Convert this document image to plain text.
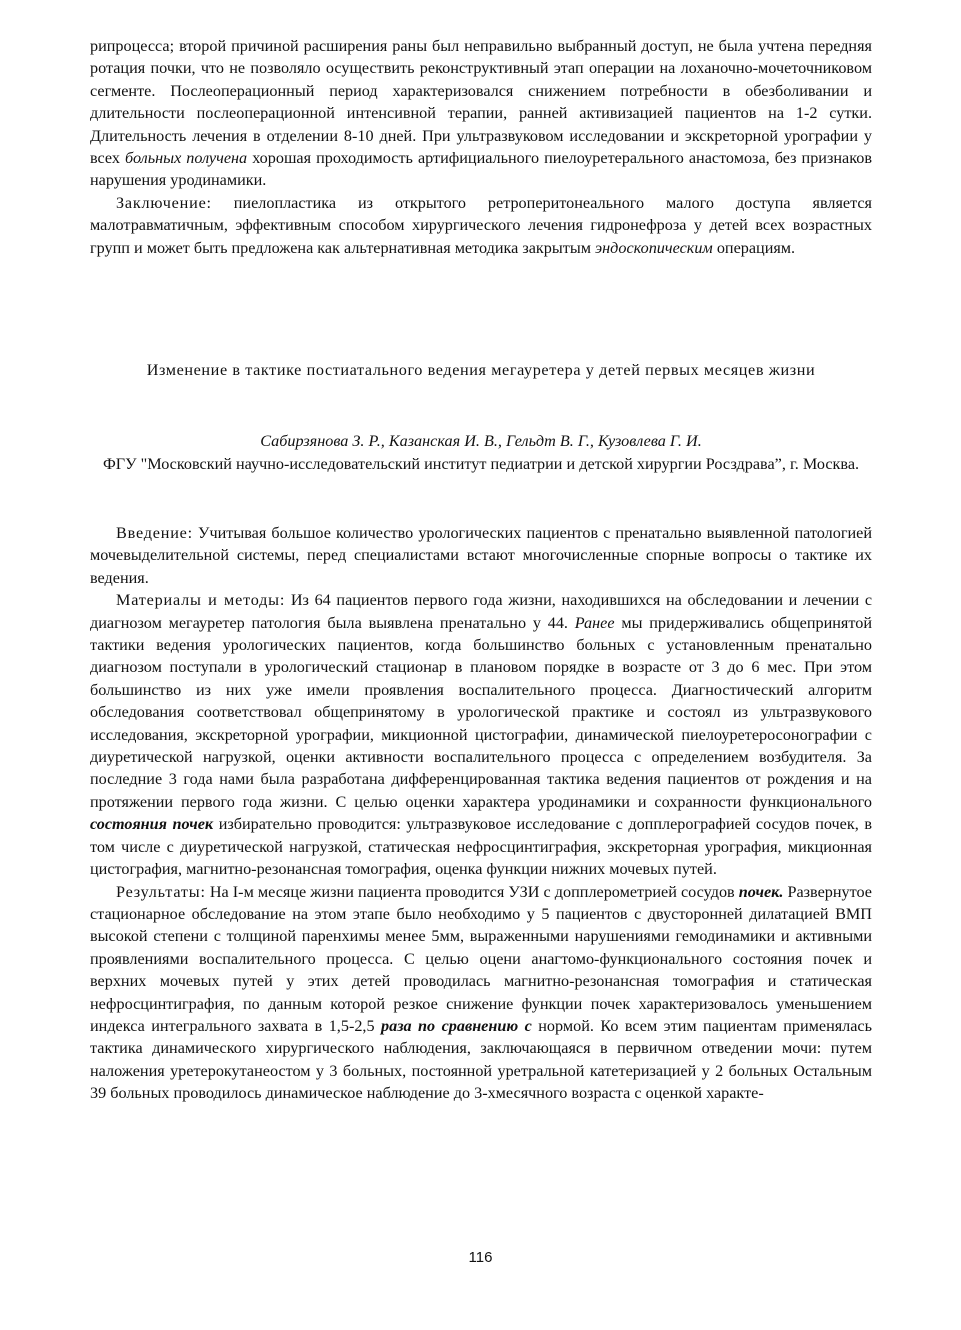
рипроцесса; второй причиной расширения раны был неправильно выбранный доступ, не была учтена передняя ротация почки, что не позволяло осуществить реконструктивный этап операции на лоханочно-мочеточниковом сегменте. Послеоперационный период характеризовался снижением потребности в обезболивании и длительности послеоперационной интенсивной терапии, ранней активизацией пациентов на 1-2 сутки. Длительность лечения в отделении 8-10 дней. При ультразвуковом исследовании и экскреторной урографии у всех больных получена хорошая проходимость артифициального пиелоуретерального анастомоза, без признаков нарушения уродинамики.

Заключение: пиелопластика из открытого ретроперитонеального малого доступа является малотравматичным, эффективным способом хирургического лечения гидронефроза у детей всех возрастных групп и может быть предложена как альтернативная методика закрытым эндоскопическим операциям.

Изменение в тактике постиатального ведения мегауретера у детей первых месяцев жизни
Сабирзянова З. Р., Казанская И. В., Гельдт В. Г., Кузовлева Г. И.
ФГУ "Московский научно-исследовательский институт педиатрии и детской хирургии Росздрава”, г. Москва.

Введение: Учитывая большое количество урологических пациентов с пренатально выявленной патологией мочевыделительной системы, перед специалистами встают многочисленные спорные вопросы о тактике их ведения.

Материалы и методы: Из 64 пациентов первого года жизни, находившихся на обследовании и лечении с диагнозом мегауретер патология была выявлена пренатально у 44. Ранее мы придерживались общепринятой тактики ведения урологических пациентов, когда большинство больных с установленным пренатально диагнозом поступали в урологический стационар в плановом порядке в возрасте от 3 до 6 мес. При этом большинство из них уже имели проявления воспалительного процесса. Диагностический алгоритм обследования соответствовал общепринятому в урологической практике и состоял из ультразвукового исследования, экскреторной урографии, микционной цистографии, динамической пиелоуретеросонографии с диуретической нагрузкой, оценки активности воспалительного процесса с определением возбудителя. За последние 3 года нами была разработана дифференцированная тактика ведения пациентов от рождения и на протяжении первого года жизни. С целью оценки характера уродинамики и сохранности функционального состояния почек избирательно проводится: ультразвуковое исследование с допплерографией сосудов почек, в том числе с диуретической нагрузкой, статическая нефросцинтиграфия, экскреторная урография, микционная цистография, магнитно-резонансная томография, оценка функции нижних мочевых путей.

Результаты: На I-м месяце жизни пациента проводится УЗИ с допплерометрией сосудов почек. Развернутое стационарное обследование на этом этапе было необходимо у 5 пациентов с двусторонней дилатацией ВМП высокой степени с толщиной паренхимы менее 5мм, выраженными нарушениями гемодинамики и активными проявлениями воспалительного процесса. С целью оцени анагтомо-функционального состояния почек и верхних мочевых путей у этих детей проводилась магнитно-резонансная томография и статическая нефросцинтиграфия, по данным которой резкое снижение функции почек характеризовалось уменьшением индекса интегрального захвата в 1,5-2,5 раза по сравнению с нормой. Ко всем этим пациентам применялась тактика динамического хирургического наблюдения, заключающаяся в первичном отведении мочи: путем наложения уретерокутанеостом у 3 больных, постоянной уретральной катетеризацией у 2 больных Остальным 39 больных проводилось динамическое наблюдение до 3-хмесячного возраста с оценкой характе-

116
